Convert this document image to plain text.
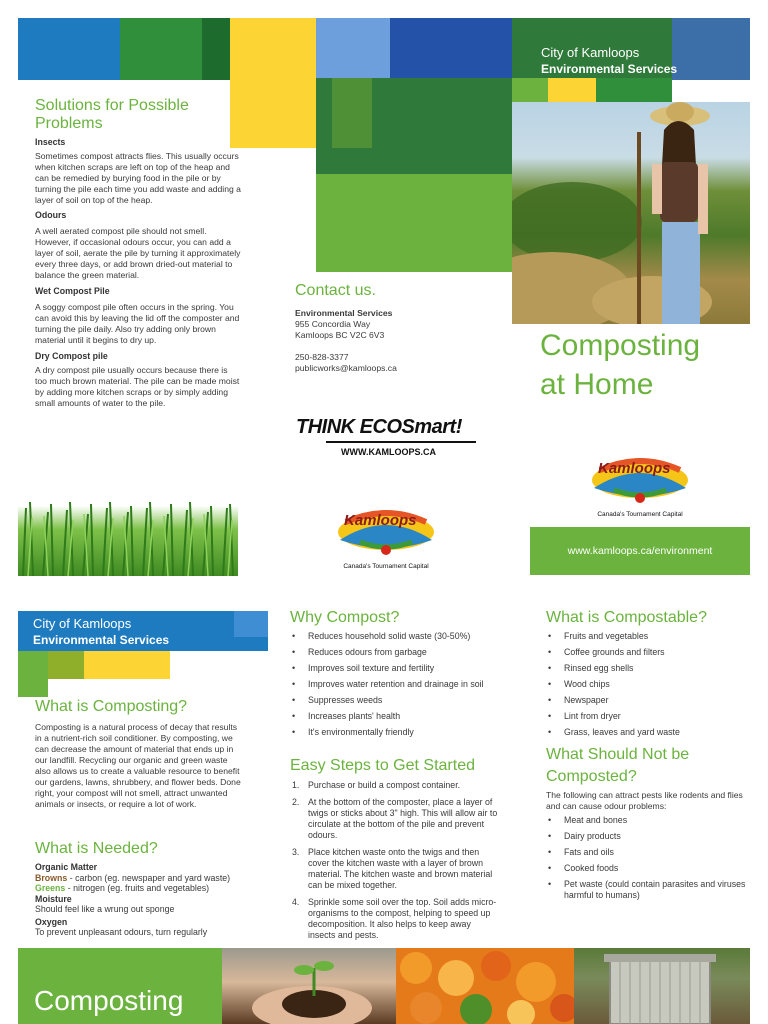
City of Kamloops

Environmental Services

Solutions for Possible Problems

Insects

Sometimes compost attracts flies. This usually occurs when kitchen scraps are left on top of the heap and can be remedied by burying food in the pile or by turning the pile each time you add waste and adding a layer of soil on top of the heap.

Odours

A well aerated compost pile should not smell. However, if occasional odours occur, you can add a layer of soil, aerate the pile by turning it approximately every three days, or add brown dried-out material to balance the green material.

Wet Compost Pile

A soggy compost pile often occurs in the spring. You can avoid this by leaving the lid off the composter and turning the pile daily. Also try adding only brown material until it begins to dry up.

Dry Compost pile

A dry compost pile usually occurs because there is too much brown material. The pile can be made moist by adding more kitchen scraps or by simply adding small amounts of water to the pile.

Contact us.

Environmental Services

955 Concordia Way

Kamloops BC V2C 6V3

250-828-3377

publicworks@kamloops.ca

THINK ECOSmart!

WWW.KAMLOOPS.CA

Kamloops

Canada's Tournament Capital

Composting
at Home

Kamloops

Canada's Tournament Capital

www.kamloops.ca/environment

City of Kamloops

Environmental Services

What is Composting?

Composting is a natural process of decay that results in a nutrient-rich soil conditioner. By composting, we can decrease the amount of material that ends up in our landfill. Recycling our organic and green waste also allows us to create a valuable resource to benefit our gardens, lawns, shrubbery, and flower beds. Done right, your compost will not smell, attract unwanted animals or insects, or require a lot of work.

What is Needed?

Organic Matter

Browns - carbon (eg. newspaper and yard waste)

Greens - nitrogen (eg. fruits and vegetables)

Moisture

Should feel like a wrung out sponge

Oxygen

To prevent unpleasant odours, turn regularly

Why Compost?
• Reduces household solid waste (30-50%)
• Reduces odours from garbage
• Improves soil texture and fertility
• Improves water retention and drainage in soil
• Suppresses weeds
• Increases plants' health
• It's environmentally friendly
Easy Steps to Get Started
1. Purchase or build a compost container.
2. At the bottom of the composter, place a layer of twigs or sticks about 3" high. This will allow air to circulate at the bottom of the pile and prevent odours.
3. Place kitchen waste onto the twigs and then cover the kitchen waste with a layer of brown material. The kitchen waste and brown material can be mixed together.
4. Sprinkle some soil over the top. Soil adds micro-organisms to the compost, helping to speed up decomposition. It also helps to keep away insects and pests.
What is Compostable?
• Fruits and vegetables
• Coffee grounds and filters
• Rinsed egg shells
• Wood chips
• Newspaper
• Lint from dryer
• Grass, leaves and yard waste
What Should Not be Composted?

The following can attract pests like rodents and flies and can cause odour problems:

• Meat and bones
• Dairy products
• Fats and oils
• Cooked foods
• Pet waste (could contain parasites and viruses harmful to humans)

Composting
